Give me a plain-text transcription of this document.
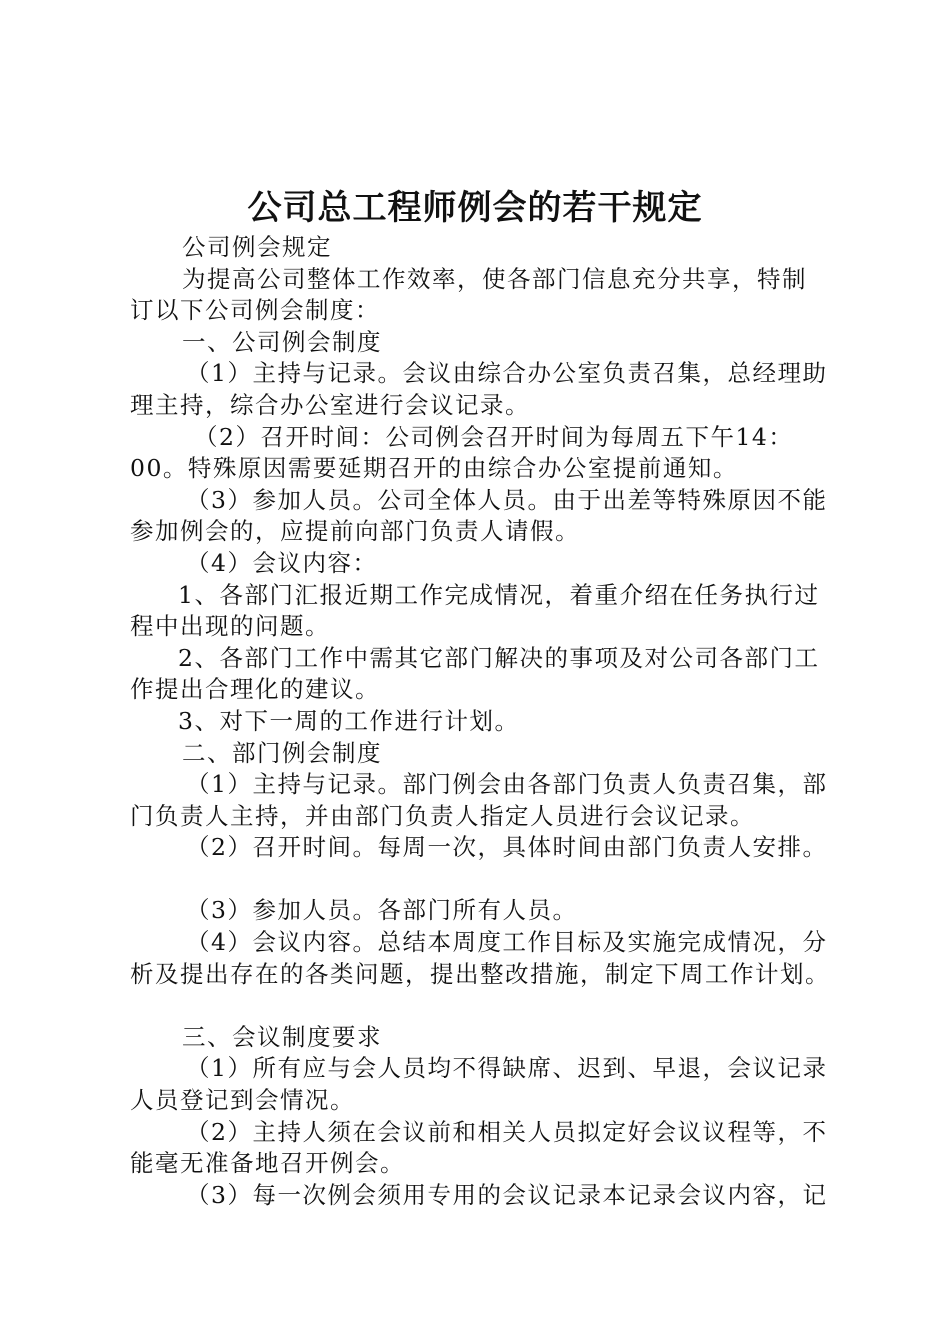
公司总工程师例会的若干规定
公司例会规定
为提高公司整体工作效率，使各部门信息充分共享，特制
订以下公司例会制度：
一、公司例会制度
（1）主持与记录。会议由综合办公室负责召集，总经理助
理主持，综合办公室进行会议记录。
（2）召开时间：公司例会召开时间为每周五下午14：
00。特殊原因需要延期召开的由综合办公室提前通知。
（3）参加人员。公司全体人员。由于出差等特殊原因不能
参加例会的，应提前向部门负责人请假。
（4）会议内容：
1、各部门汇报近期工作完成情况，着重介绍在任务执行过
程中出现的问题。
2、各部门工作中需其它部门解决的事项及对公司各部门工
作提出合理化的建议。
3、对下一周的工作进行计划。
二、部门例会制度
（1）主持与记录。部门例会由各部门负责人负责召集，部
门负责人主持，并由部门负责人指定人员进行会议记录。
（2）召开时间。每周一次，具体时间由部门负责人安排。
（3）参加人员。各部门所有人员。
（4）会议内容。总结本周度工作目标及实施完成情况，分
析及提出存在的各类问题，提出整改措施，制定下周工作计划。
三、会议制度要求
（1）所有应与会人员均不得缺席、迟到、早退，会议记录
人员登记到会情况。
（2）主持人须在会议前和相关人员拟定好会议议程等，不
能毫无准备地召开例会。
（3）每一次例会须用专用的会议记录本记录会议内容，记
